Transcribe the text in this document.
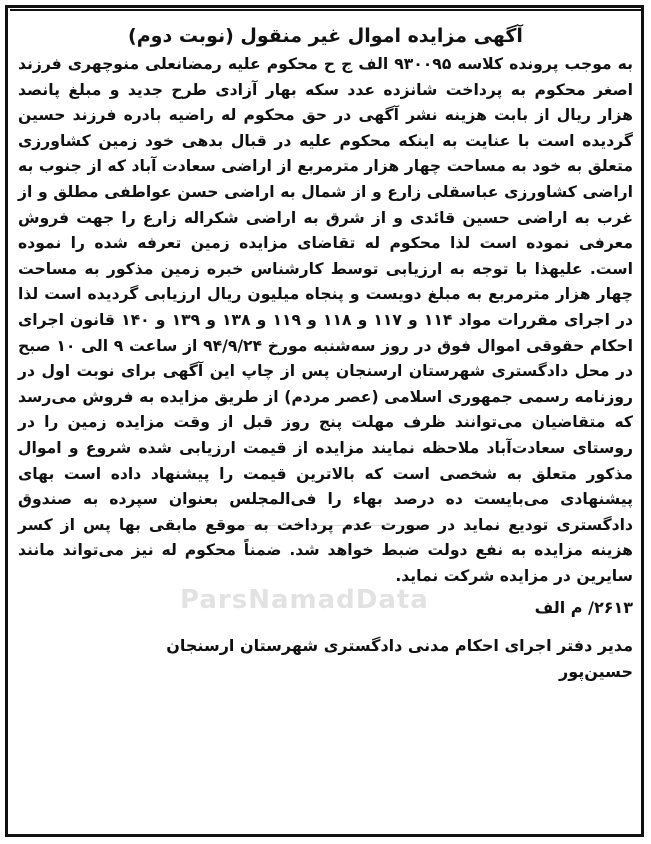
ParsNamadData
آگهی مزایده اموال غیر منقول (نوبت دوم)

به موجب پرونده کلاسه ۹۳۰۰۹۵ الف ج ح محکوم علیه رمضانعلی منوچهری فرزند اصغر محکوم به پرداخت شانزده عدد سکه بهار آزادی طرح جدید و مبلغ پانصد هزار ریال از بابت هزینه نشر آگهی در حق محکوم له راضیه بادره فرزند حسین گردیده است با عنایت به اینکه محکوم علیه در قبال بدهی خود زمین کشاورزی متعلق به خود به مساحت چهار هزار مترمربع از اراضی سعادت آباد که از جنوب به اراضی کشاورزی عباسقلی زارع و از شمال به اراضی حسن عواطفی مطلق و از غرب به اراضی حسین قائدی و از شرق به اراضی شکراله زارع را جهت فروش معرفی نموده است لذا محکوم له تقاضای مزایده زمین تعرفه شده را نموده است. علیهذا با توجه به ارزیابی توسط کارشناس خبره زمین مذکور به مساحت چهار هزار مترمربع به مبلغ دویست و پنجاه میلیون ریال ارزیابی گردیده است لذا در اجرای مقررات مواد ۱۱۴ و ۱۱۷ و ۱۱۸ و ۱۱۹ و ۱۳۸ و ۱۳۹ و ۱۴۰ قانون اجرای احکام حقوقی اموال فوق در روز سه‌شنبه مورخ ۹۴/۹/۲۴ از ساعت ۹ الی ۱۰ صبح در محل دادگستری شهرستان ارسنجان پس از چاپ این آگهی برای نوبت اول در روزنامه رسمی جمهوری اسلامی (عصر مردم) از طریق مزایده به فروش می‌رسد که متقاضیان می‌توانند ظرف مهلت پنج روز قبل از وقت مزایده زمین را در روستای سعادت‌آباد ملاحظه نمایند مزایده از قیمت ارزیابی شده شروع و اموال مذکور متعلق به شخصی است که بالاترین قیمت را پیشنهاد داده است بهای پیشنهادی می‌بایست ده درصد بهاء را فی‌المجلس بعنوان سپرده به صندوق دادگستری تودیع نماید در صورت عدم پرداخت به موقع مابقی بها پس از کسر هزینه مزایده به نفع دولت ضبط خواهد شد. ضمناً محکوم له نیز می‌تواند مانند سایرین در مزایده شرکت نماید.

۲۶۱۳/ م الف
مدیر دفتر اجرای احکام مدنی دادگستری شهرستان ارسنجان
حسین‌پور
